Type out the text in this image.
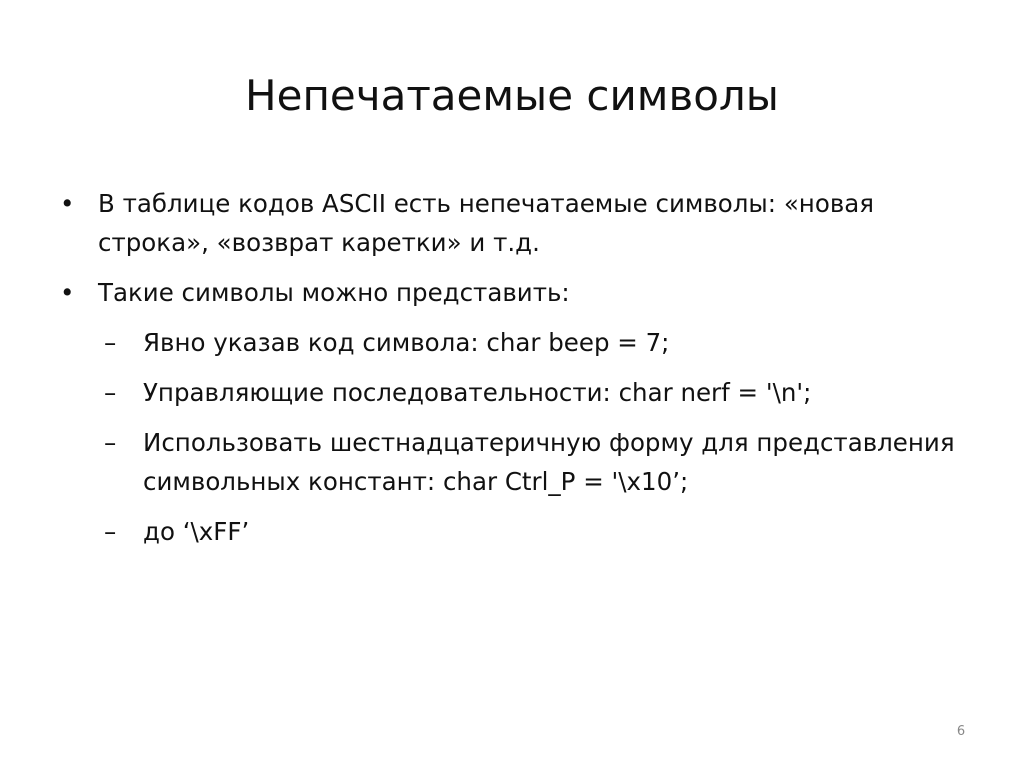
Непечатаемые символы
• В таблице кодов ASCII есть непечатаемые символы: «новая строка», «возврат каретки» и т.д.
• Такие символы можно представить:
– Явно указав код символа: char beep = 7;
– Управляющие последовательности: char nerf = '\n';
– Использовать шестнадцатеричную форму для представления символьных констант: char Ctrl_P = '\x10’;
– до ‘\xFF’
6
